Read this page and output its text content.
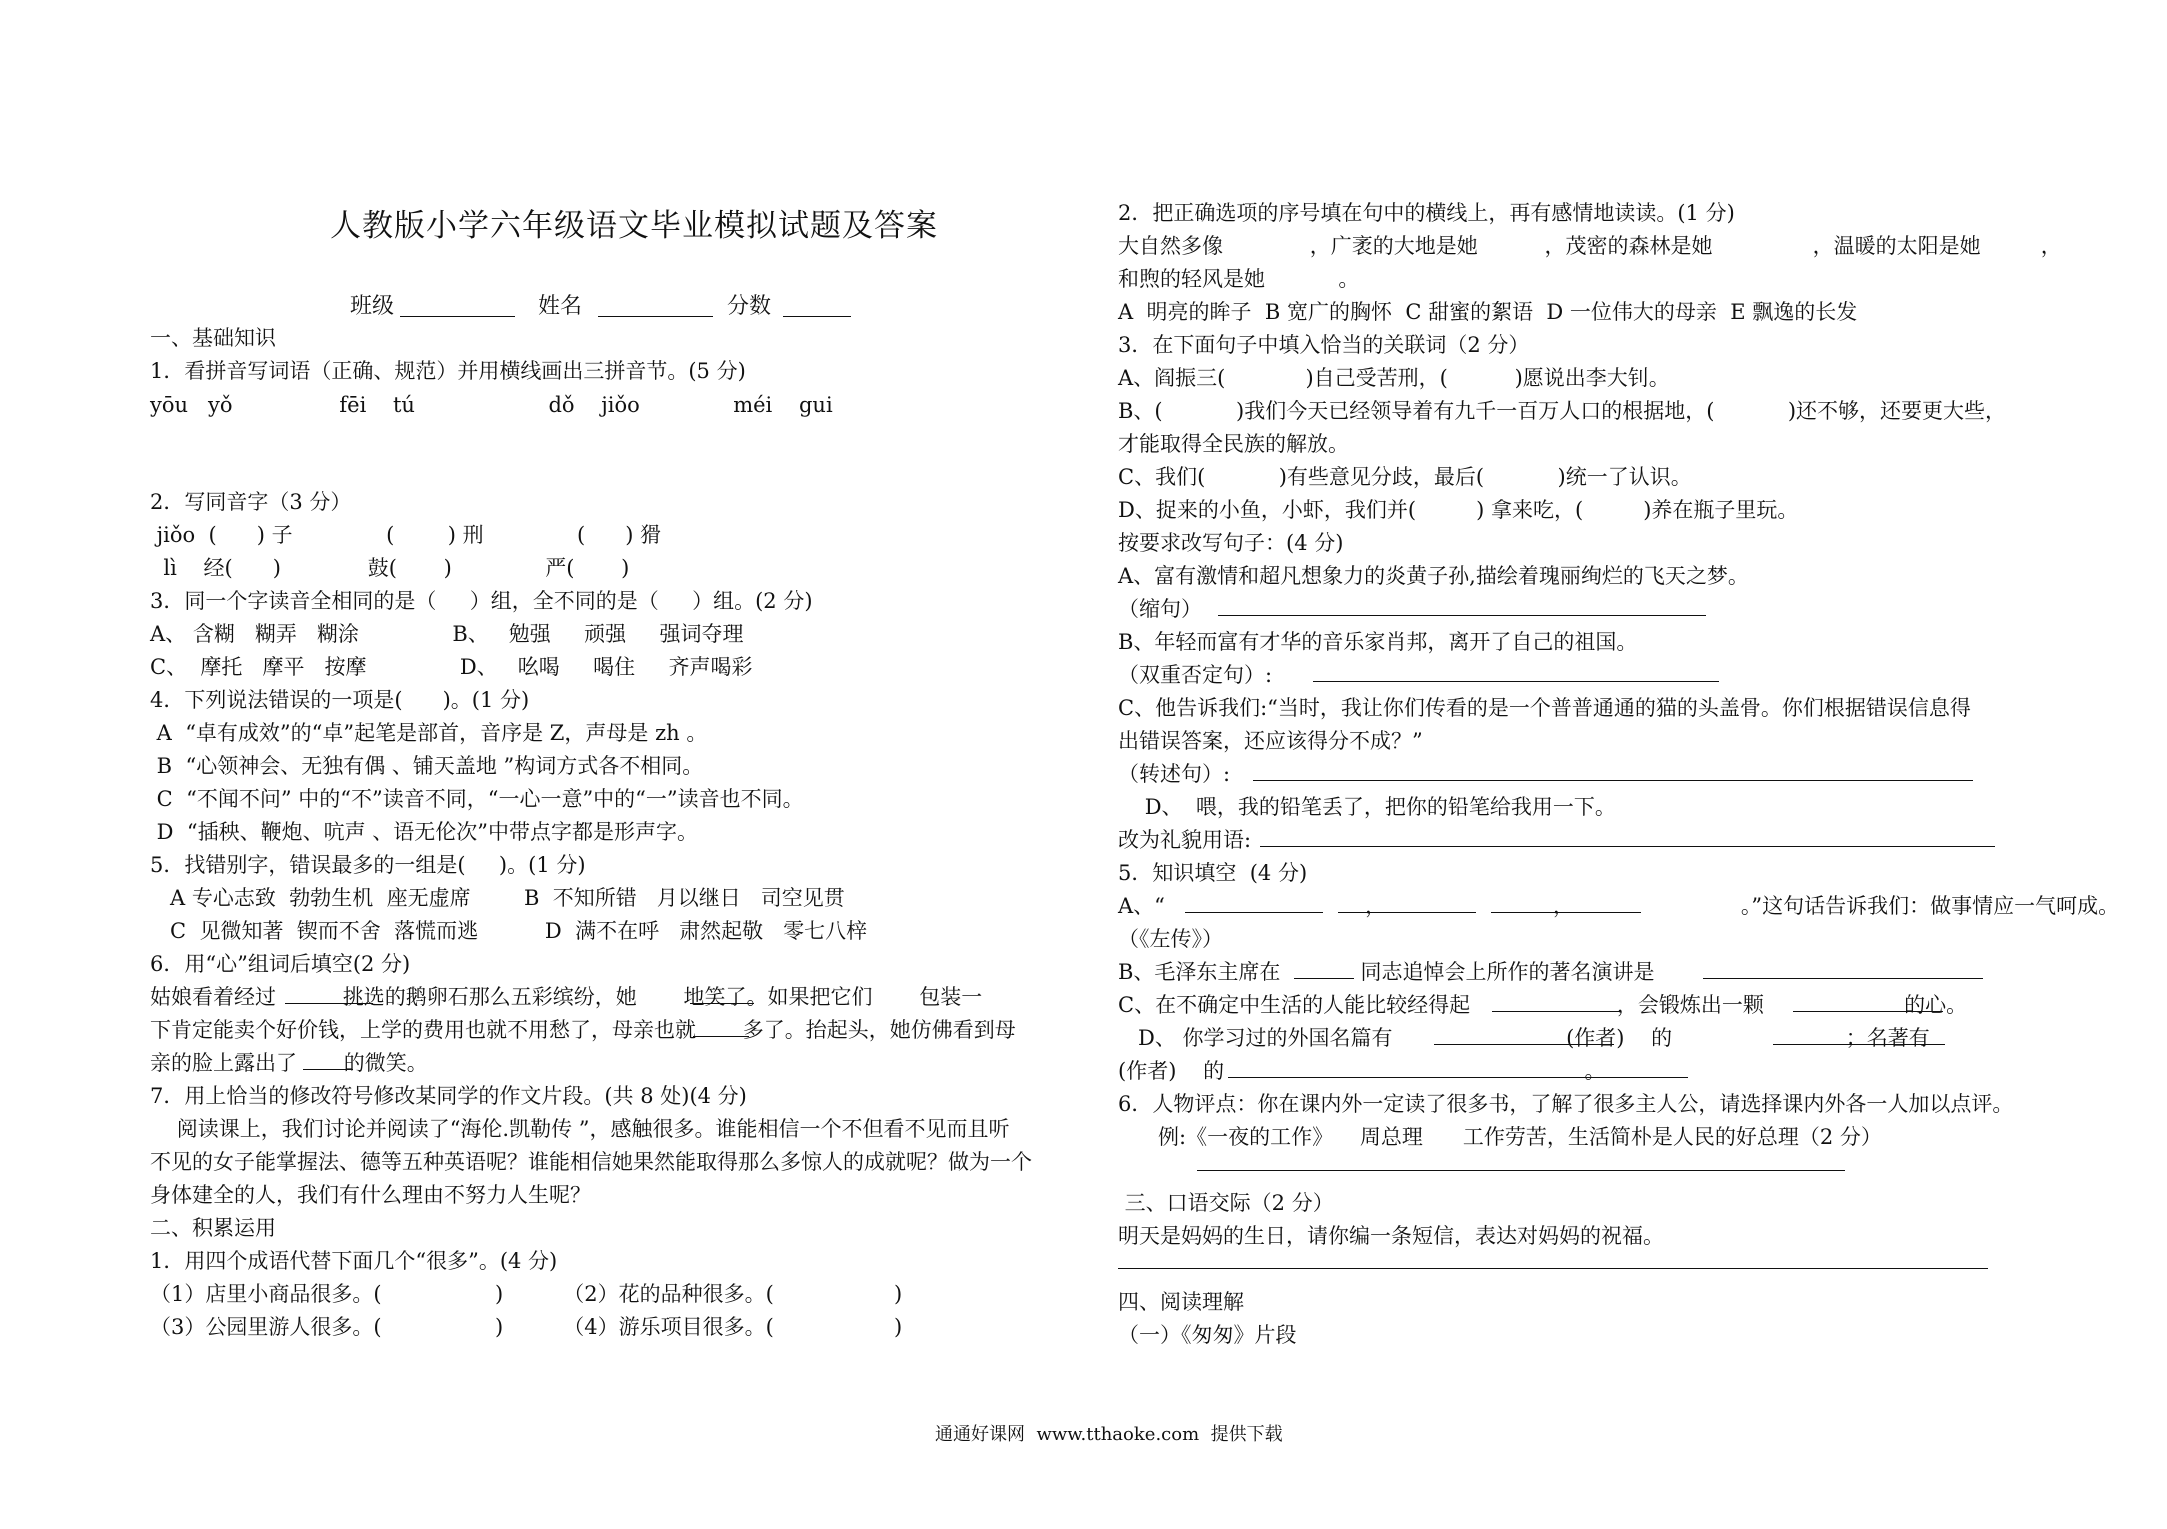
人教版小学六年级语文毕业模拟试题及答案
班级	姓名	分数
通通好课网  www.tthaoke.com  提供下载
一、基础知识
1．看拼音写词语（正确、规范）并用横线画出三拼音节。(5 分)
yōu   yǒ                fēi    tú                    dǒ    jiǒo              méi    gui
2．写同音字（3 分）
jiǒo  (      ) 子              (        ) 刑              (      ) 猾
lì    经(      )             鼓(       )              严(       )
3．同一个字读音全相同的是（     ）组，全不同的是（     ）组。(2 分)
A、 含糊   糊弄   糊涂              B、   勉强     顽强     强词夺理
C、  摩托   摩平   按摩              D、   吆喝     喝住     齐声喝彩
4．下列说法错误的一项是(      )。(1 分)
A  “卓有成效”的“卓”起笔是部首，音序是 Z，声母是 zh 。
B  “心领神会、无独有偶 、铺天盖地 ”构词方式各不相同。
C  “不闻不问” 中的“不”读音不同，“一心一意”中的“一”读音也不同。
D  “插秧、鞭炮、吭声 、语无伦次”中带点字都是形声字。
5．找错别字，错误最多的一组是(     )。(1 分)
A 专心志致  勃勃生机  座无虚席        B  不知所错   月以继日   司空见贯
C  见微知著  锲而不舍  落慌而逃          D  满不在呼   肃然起敬   零七八梓
6．用“心”组词后填空(2 分)
姑娘看着经过          挑选的鹅卵石那么五彩缤纷，她       地笑了。如果把它们       包装一
下肯定能卖个好价钱，上学的费用也就不用愁了，母亲也就       多了。抬起头，她仿佛看到母
亲的脸上露出了       的微笑。
7．用上恰当的修改符号修改某同学的作文片段。(共 8 处)(4 分)
阅读课上，我们讨论并阅读了“海伦.凯勒传 ”，感触很多。谁能相信一个不但看不见而且听
不见的女子能掌握法、德等五种英语呢？谁能相信她果然能取得那么多惊人的成就呢？做为一个
身体建全的人，我们有什么理由不努力人生呢？
二、积累运用
1．用四个成语代替下面几个“很多”。(4 分)
（1）店里小商品很多。(                 )         （2）花的品种很多。(                  )
（3）公园里游人很多。(                 )         （4）游乐项目很多。(                  )
2．把正确选项的序号填在句中的横线上，再有感情地读读。(1 分)
大自然多像             ，广袤的大地是她          ，茂密的森林是她               ，温暖的太阳是她         ，
和煦的轻风是她           。
A  明亮的眸子  B 宽广的胸怀  C 甜蜜的絮语  D 一位伟大的母亲  E 飘逸的长发
3．在下面句子中填入恰当的关联词（2 分）
A、阎振三(            )自己受苦刑，(          )愿说出李大钊。
B、(           )我们今天已经领导着有九千一百万人口的根据地，(           )还不够，还要更大些，
才能取得全民族的解放。
C、我们(           )有些意见分歧，最后(           )统一了认识。
D、捉来的小鱼，小虾，我们并(         ) 拿来吃，(         )养在瓶子里玩。
按要求改写句子：(4 分)
A、富有激情和超凡想象力的炎黄子孙,描绘着瑰丽绚烂的飞天之梦。
（缩句）
B、年轻而富有才华的音乐家肖邦，离开了自己的祖国。
（双重否定句）:
C、他告诉我们:“当时，我让你们传看的是一个普普通通的猫的头盖骨。你们根据错误信息得
出错误答案，还应该得分不成？”
（转述句）:
D、  喂，我的铅笔丢了，把你的铅笔给我用一下。
改为礼貌用语:
5．知识填空  (4 分)
A、“                              ，                         ，                         。”这句话告诉我们：做事情应一气呵成。
（《左传》）
B、毛泽东主席在            同志追悼会上所作的著名演讲是
C、在不确定中生活的人能比较经得起                      ，会锻炼出一颗                     的心。
D、 你学习过的外国名篇有                          (作者)    的                          ；名著有
(作者)    的                                                      。
6．人物评点：你在课内外一定读了很多书，了解了很多主人公，请选择课内外各一人加以点评。
例:《一夜的工作》    周总理      工作劳苦，生活简朴是人民的好总理（2 分）
三、口语交际（2 分）
明天是妈妈的生日，请你编一条短信，表达对妈妈的祝福。
四、阅读理解
（一）《匆匆》片段
